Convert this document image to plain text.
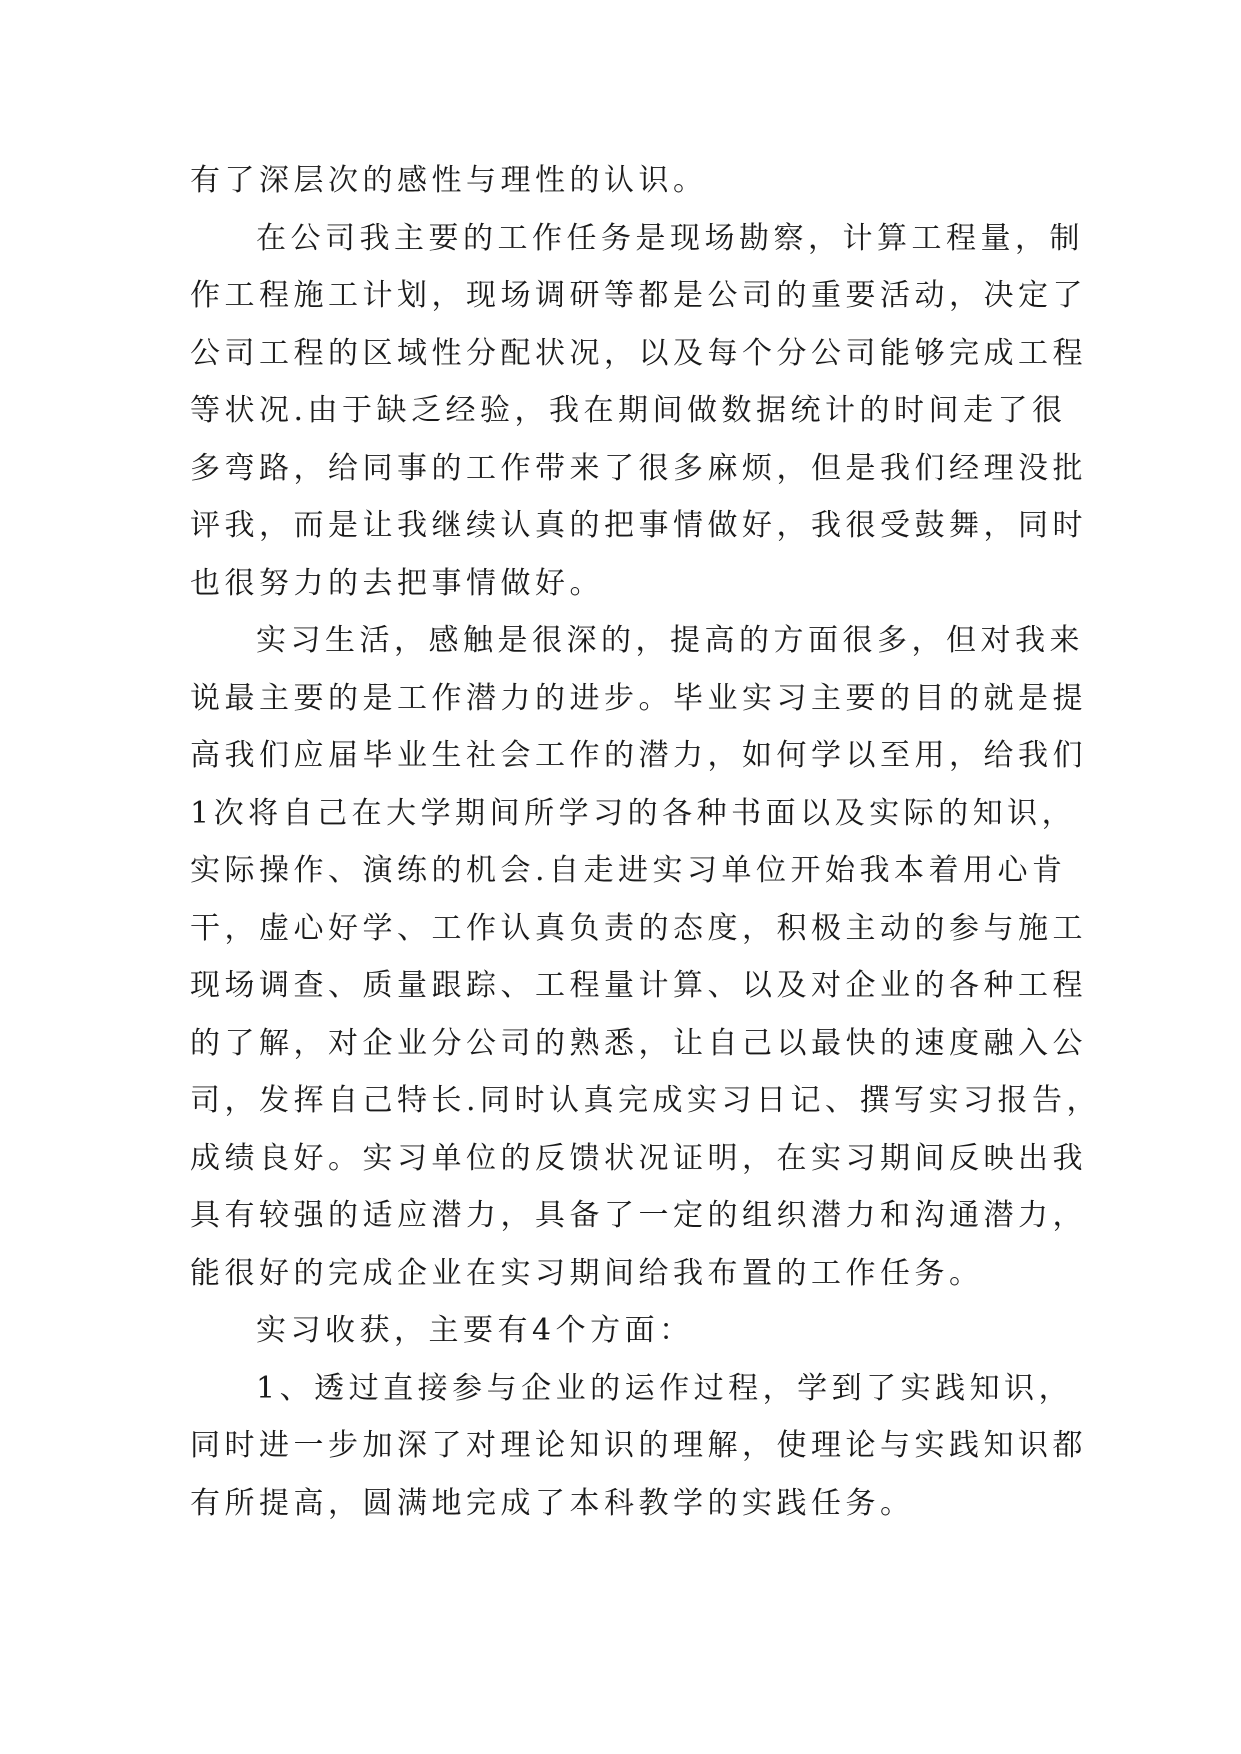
有了深层次的感性与理性的认识。
在公司我主要的工作任务是现场勘察，计算工程量，制
作工程施工计划，现场调研等都是公司的重要活动，决定了
公司工程的区域性分配状况，以及每个分公司能够完成工程
等状况.由于缺乏经验，我在期间做数据统计的时间走了很
多弯路，给同事的工作带来了很多麻烦，但是我们经理没批
评我，而是让我继续认真的把事情做好，我很受鼓舞，同时
也很努力的去把事情做好。
实习生活，感触是很深的，提高的方面很多，但对我来
说最主要的是工作潜力的进步。毕业实习主要的目的就是提
高我们应届毕业生社会工作的潜力，如何学以至用，给我们
1次将自己在大学期间所学习的各种书面以及实际的知识，
实际操作、演练的机会.自走进实习单位开始我本着用心肯
干，虚心好学、工作认真负责的态度，积极主动的参与施工
现场调查、质量跟踪、工程量计算、以及对企业的各种工程
的了解，对企业分公司的熟悉，让自己以最快的速度融入公
司，发挥自己特长.同时认真完成实习日记、撰写实习报告，
成绩良好。实习单位的反馈状况证明，在实习期间反映出我
具有较强的适应潜力，具备了一定的组织潜力和沟通潜力，
能很好的完成企业在实习期间给我布置的工作任务。
实习收获，主要有4个方面：
1、透过直接参与企业的运作过程，学到了实践知识，
同时进一步加深了对理论知识的理解，使理论与实践知识都
有所提高，圆满地完成了本科教学的实践任务。
